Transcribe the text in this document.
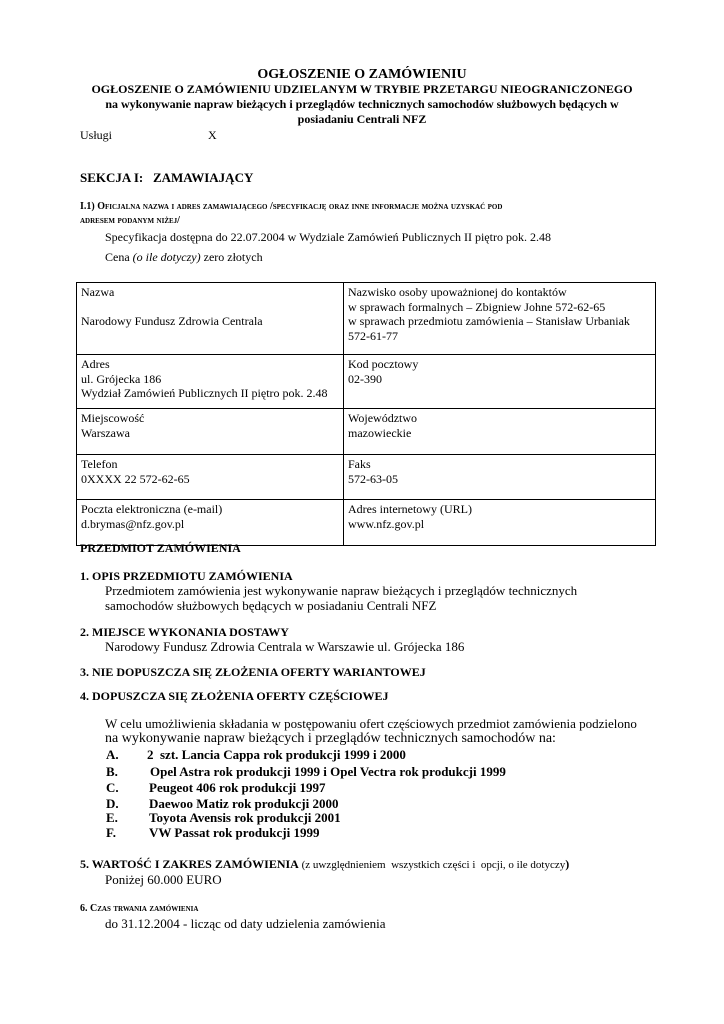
OGŁOSZENIE O ZAMÓWIENIU
OGŁOSZENIE O ZAMÓWIENIU UDZIELANYM W TRYBIE PRZETARGU NIEOGRANICZONEGO
na wykonywanie napraw bieżących i przeglądów technicznych samochodów służbowych będących w
posiadaniu Centrali NFZ
Usługi	X
SEKCJA I:   ZAMAWIAJĄCY
I.1) Oficjalna nazwa i adres zamawiającego /specyfikację oraz inne informacje można uzyskać pod
adresem podanym niżej/
Specyfikacja dostępna do 22.07.2004 w Wydziale Zamówień Publicznych II piętro pok. 2.48
Cena (o ile dotyczy) zero złotych
Nazwa
Narodowy Fundusz Zdrowia Centrala	Nazwisko osoby upoważnionej do kontaktów
w sprawach formalnych – Zbigniew Johne 572-62-65
w sprawach przedmiotu zamówienia – Stanisław Urbaniak
572-61-77

Adres
ul. Grójecka 186
Wydział Zamówień Publicznych II piętro pok. 2.48	Kod pocztowy
02-390

Miejscowość
Warszawa	Województwo
mazowieckie

Telefon
0XXXX 22 572-62-65	Faks
572-63-05

Poczta elektroniczna (e-mail)
d.brymas@nfz.gov.pl	Adres internetowy (URL)
www.nfz.gov.pl
PRZEDMIOT ZAMÓWIENIA
1. OPIS PRZEDMIOTU ZAMÓWIENIA
Przedmiotem zamówienia jest wykonywanie napraw bieżących i przeglądów technicznych
samochodów służbowych będących w posiadaniu Centrali NFZ
2. MIEJSCE WYKONANIA DOSTAWY
Narodowy Fundusz Zdrowia Centrala w Warszawie ul. Grójecka 186
3. NIE DOPUSZCZA SIĘ ZŁOŻENIA OFERTY WARIANTOWEJ
4. DOPUSZCZA SIĘ ZŁOŻENIA OFERTY CZĘŚCIOWEJ
W celu umożliwienia składania w postępowaniu ofert częściowych przedmiot zamówienia podzielono
na wykonywanie napraw bieżących i przeglądów technicznych samochodów na:
A. 2  szt. Lancia Cappa rok produkcji 1999 i 2000
B. Opel Astra rok produkcji 1999 i Opel Vectra rok produkcji 1999
C. Peugeot 406 rok produkcji 1997
D. Daewoo Matiz rok produkcji 2000
E. Toyota Avensis rok produkcji 2001
F.	VW Passat rok produkcji 1999
5. WARTOŚĆ I ZAKRES ZAMÓWIENIA (z uwzględnieniem  wszystkich części i  opcji, o ile dotyczy)
Poniżej 60.000 EURO
6. Czas trwania zamówienia
do 31.12.2004 - licząc od daty udzielenia zamówienia
